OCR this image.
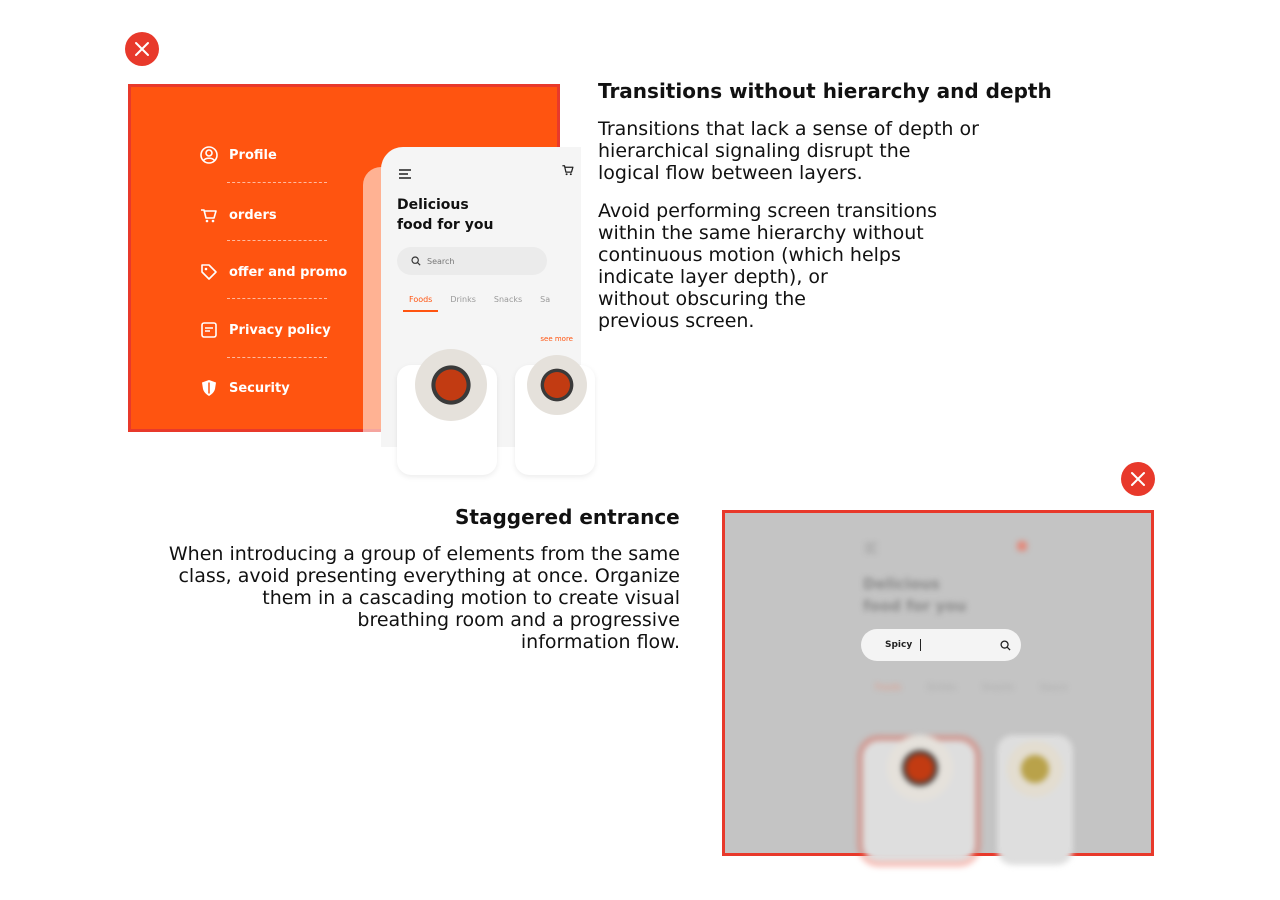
Profile
orders
offer and promo
Privacy policy
Security
Delicious
food for you
Search
Foods Drinks Snacks Sa
see more
Transitions without hierarchy and depth
Transitions that lack a sense of depth or
hierarchical signaling disrupt the
logical flow between layers.
Avoid performing screen transitions
within the same hierarchy without
continuous motion (which helps
indicate layer depth), or
without obscuring the
previous screen.
Staggered entrance
When introducing a group of elements from the same
class, avoid presenting everything at once. Organize
them in a cascading motion to create visual
breathing room and a progressive
information flow.
Delicious
food for you
Foods	Drinks	Snacks	Sauce
Spicy
